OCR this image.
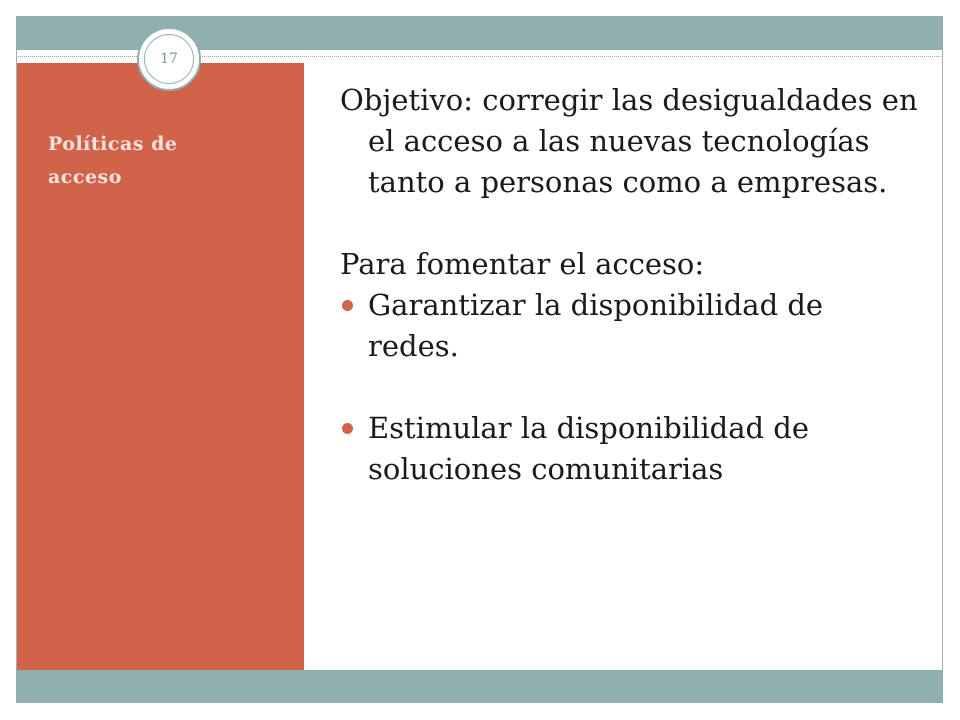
Políticas de acceso
17

Objetivo: corregir las desigualdades en el acceso a las nuevas tecnologías tanto a personas como a empresas.

Para fomentar el acceso:

Garantizar la disponibilidad de redes.
Estimular la disponibilidad de soluciones comunitarias
